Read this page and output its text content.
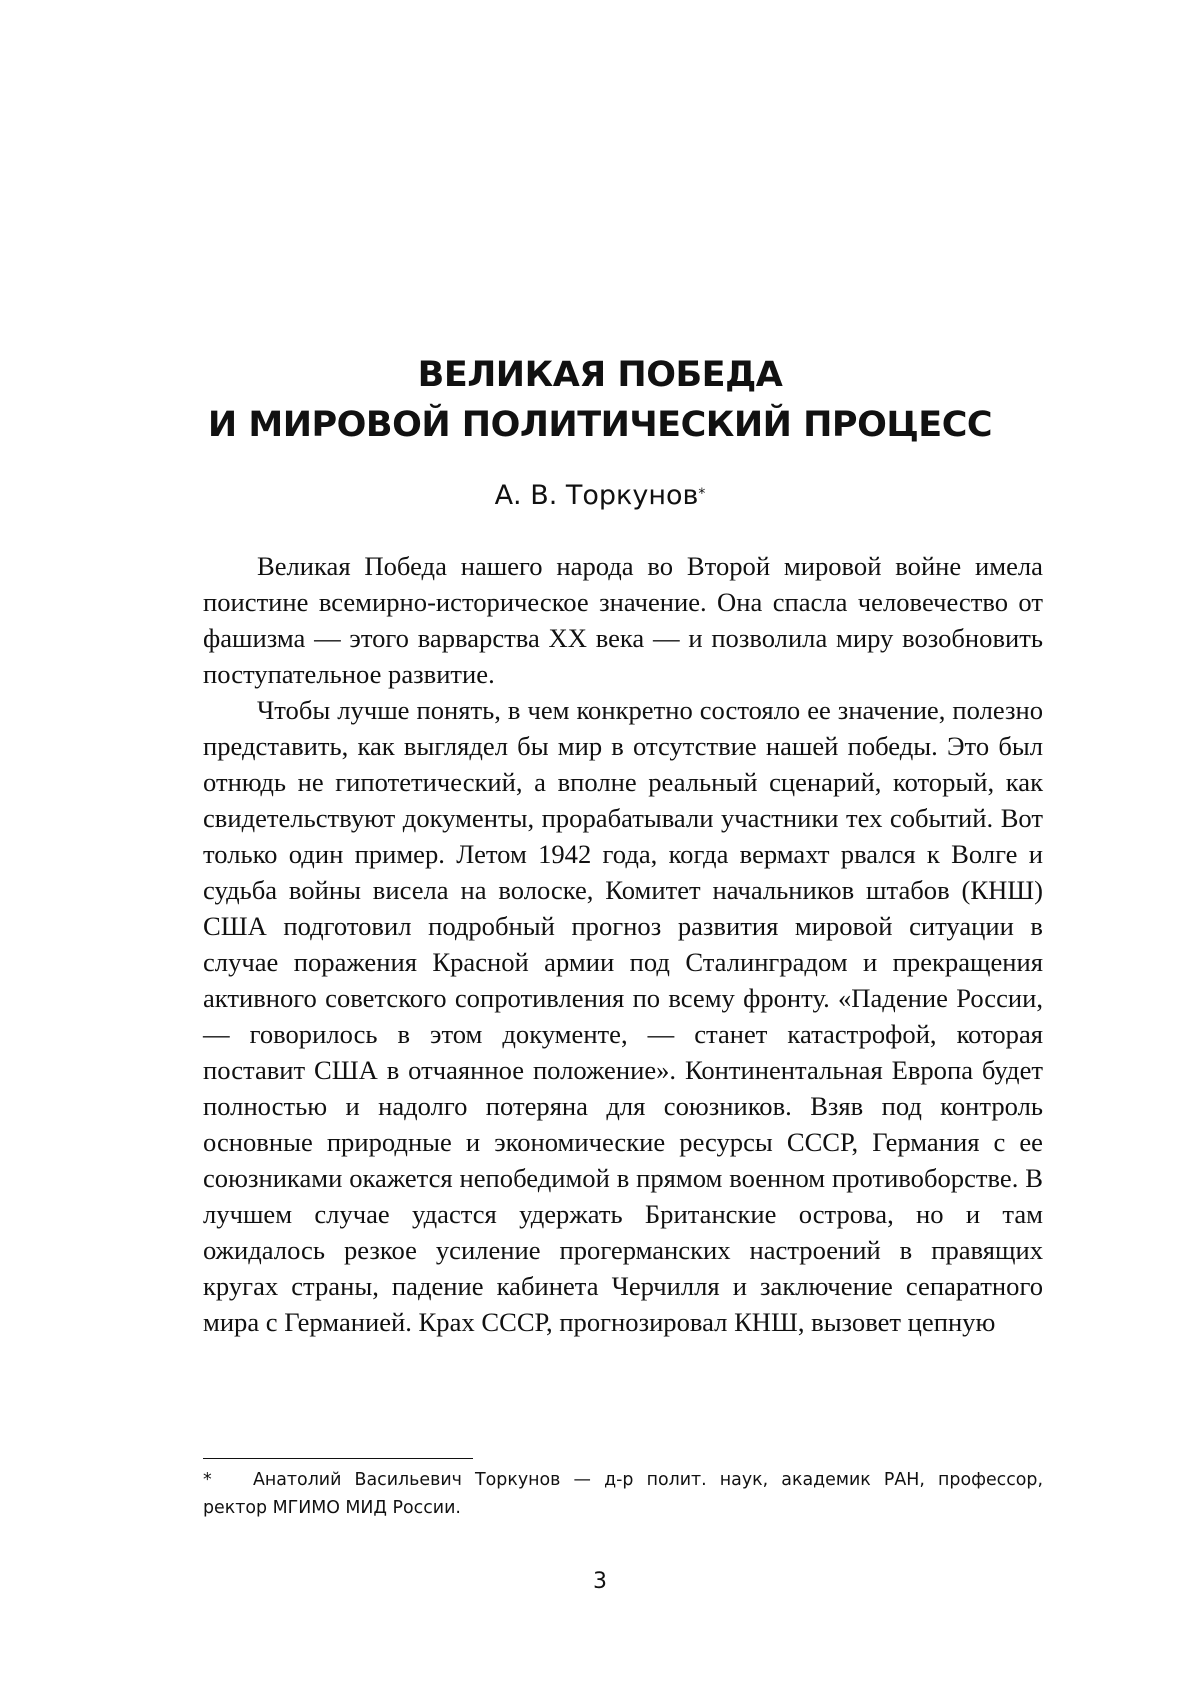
ВЕЛИКАЯ ПОБЕДА
И МИРОВОЙ ПОЛИТИЧЕСКИЙ ПРОЦЕСС
А. В. Торкунов*

Великая Победа нашего народа во Второй мировой войне имела поистине всемирно-историческое значение. Она спасла человечество от фашизма — этого варварства XX века — и позволила миру возобновить поступательное развитие.

Чтобы лучше понять, в чем конкретно состояло ее значение, полезно представить, как выглядел бы мир в отсутствие нашей победы. Это был отнюдь не гипотетический, а вполне реальный сценарий, который, как свидетельствуют документы, прорабатывали участники тех событий. Вот только один пример. Летом 1942 года, когда вермахт рвался к Волге и судьба войны висела на волоске, Комитет начальников штабов (КНШ) США подготовил подробный прогноз развития мировой ситуации в случае поражения Красной армии под Сталинградом и прекращения активного советского сопротивления по всему фронту. «Падение России, — говорилось в этом документе, — станет катастрофой, которая поставит США в отчаянное положение». Континентальная Европа будет полностью и надолго потеряна для союзников. Взяв под контроль основные природные и экономические ресурсы СССР, Германия с ее союзниками окажется непобедимой в прямом военном противоборстве. В лучшем случае удастся удержать Британские острова, но и там ожидалось резкое усиление прогерманских настроений в правящих кругах страны, падение кабинета Черчилля и заключение сепаратного мира с Германией. Крах СССР, прогнозировал КНШ, вызовет цепную

* Анатолий Васильевич Торкунов — д-р полит. наук, академик РАН, профессор, ректор МГИМО МИД России.
3
